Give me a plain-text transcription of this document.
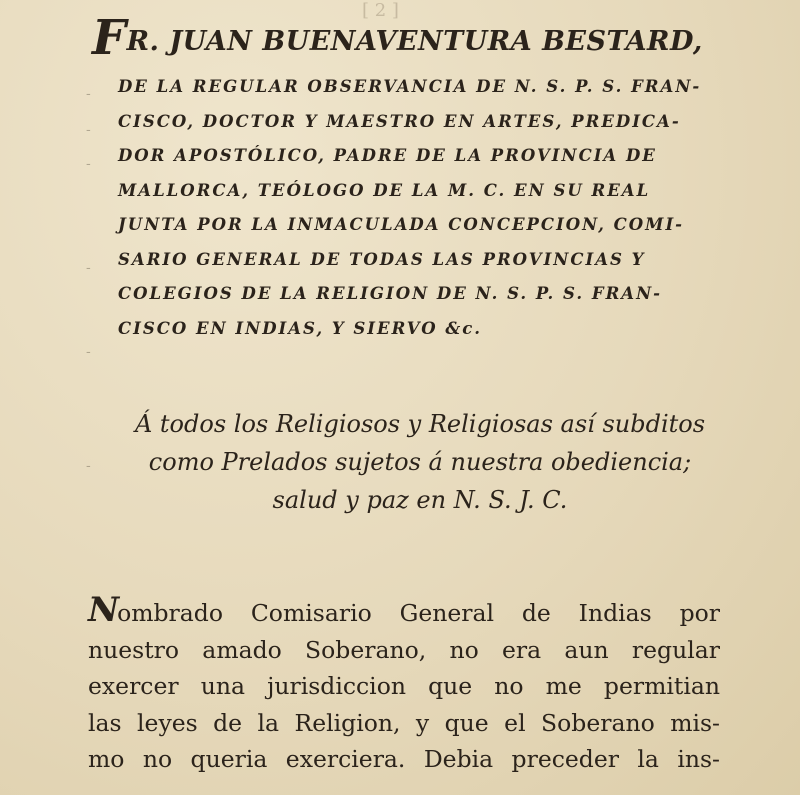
[ 2 ]
-
-
-
-
-
-
FR. JUAN BUENAVENTURA BESTARD,
DE LA REGULAR OBSERVANCIA DE N. S. P. S. FRAN-
CISCO, DOCTOR Y MAESTRO EN ARTES, PREDICA-
DOR APOSTÓLICO, PADRE DE LA PROVINCIA DE
MALLORCA, TEÓLOGO DE LA M. C. EN SU REAL
JUNTA POR LA INMACULADA CONCEPCION, COMI-
SARIO GENERAL DE TODAS LAS PROVINCIAS Y
COLEGIOS DE LA RELIGION DE N. S. P. S. FRAN-
CISCO EN INDIAS, Y SIERVO &c.
Á todos los Religiosos y Religiosas así subditos
como Prelados sujetos á nuestra obediencia;
salud y paz en N. S. J. C.
Nombrado Comisario General de Indias por
nuestro amado Soberano, no era aun regular
exercer una jurisdiccion que no me permitian
las leyes de la Religion, y que el Soberano mis-
mo no queria exerciera. Debia preceder la ins-
